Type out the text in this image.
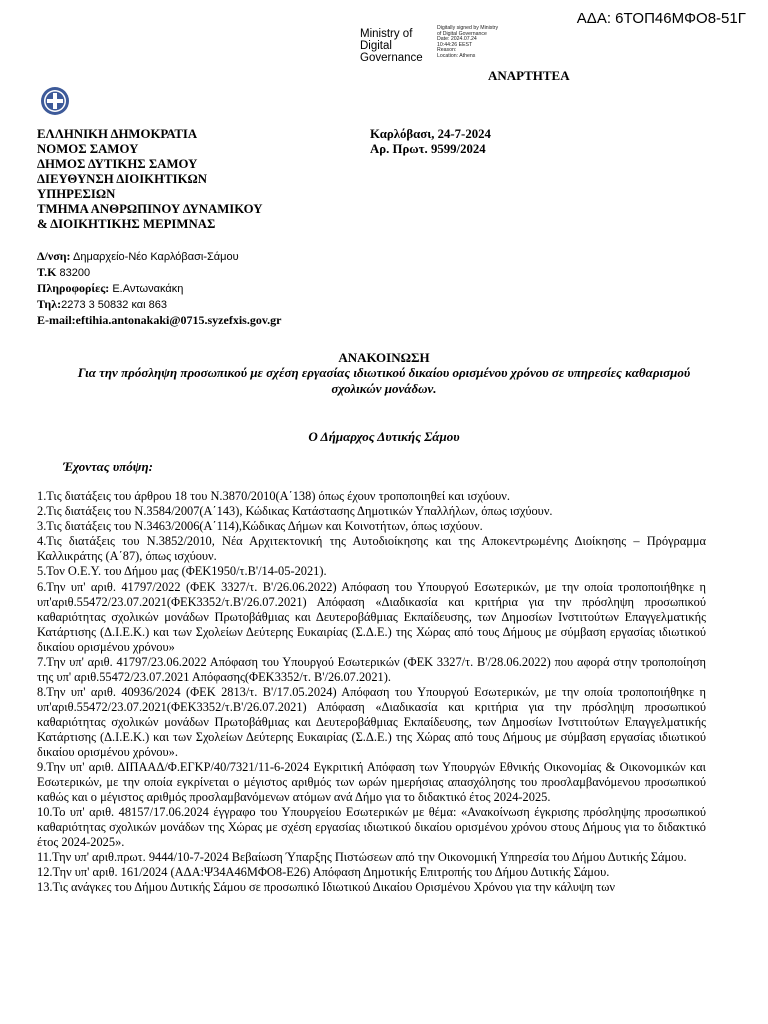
ΑΔΑ: 6ΤΟΠ46ΜΦΟ8-51Γ
Ministry of
Digital
Governance
Digitally signed by Ministry
of Digital Governance
Date: 2024.07.24
10:44:26 EEST
Reason:
Location: Athens
ΑΝΑΡΤΗΤΕΑ
ΕΛΛΗΝΙΚΗ ΔΗΜΟΚΡΑΤΙΑ
ΝΟΜΟΣ ΣΑΜΟΥ
ΔΗΜΟΣ ΔΥΤΙΚΗΣ ΣΑΜΟΥ
ΔΙΕΥΘΥΝΣΗ ΔΙΟΙΚΗΤΙΚΩΝ
ΥΠΗΡΕΣΙΩΝ
ΤΜΗΜΑ ΑΝΘΡΩΠΙΝΟΥ ΔΥΝΑΜΙΚΟΥ
& ΔΙΟΙΚΗΤΙΚΗΣ ΜΕΡΙΜΝΑΣ
Καρλόβασι, 24-7-2024
Αρ. Πρωτ. 9599/2024
Δ/νση: Δημαρχείο-Νέο Καρλόβασι-Σάμου
Τ.Κ 83200
Πληροφορίες: Ε.Αντωνακάκη
Τηλ:2273 3 50832 και 863
E-mail:eftihia.antonakaki@0715.syzefxis.gov.gr
ΑΝΑΚΟΙΝΩΣΗ
Για την πρόσληψη προσωπικού με σχέση εργασίας ιδιωτικού δικαίου ορισμένου χρόνου σε υπηρεσίες καθαρισμού σχολικών μονάδων.
Ο Δήμαρχος Δυτικής Σάμου
Έχοντας υπόψη:

1.Τις διατάξεις του άρθρου 18 του Ν.3870/2010(Α΄138) όπως έχουν τροποποιηθεί και ισχύουν.

2.Τις διατάξεις του Ν.3584/2007(Α΄143), Κώδικας Κατάστασης Δημοτικών Υπαλλήλων, όπως ισχύουν.

3.Τις διατάξεις του Ν.3463/2006(Α΄114),Κώδικας Δήμων και Κοινοτήτων, όπως ισχύουν.

4.Τις διατάξεις του Ν.3852/2010, Νέα Αρχιτεκτονική της Αυτοδιοίκησης και της Αποκεντρωμένης Διοίκησης – Πρόγραμμα Καλλικράτης (Α΄87), όπως ισχύουν.

5.Τον Ο.Ε.Υ. του Δήμου μας (ΦΕΚ1950/τ.Β'/14-05-2021).

6.Την υπ' αριθ. 41797/2022 (ΦΕΚ 3327/τ. Β'/26.06.2022) Απόφαση του Υπουργού Εσωτερικών, με την οποία τροποποιήθηκε η υπ'αριθ.55472/23.07.2021(ΦΕΚ3352/τ.Β'/26.07.2021) Απόφαση «Διαδικασία και κριτήρια για την πρόσληψη προσωπικού καθαριότητας σχολικών μονάδων Πρωτοβάθμιας και Δευτεροβάθμιας Εκπαίδευσης, των Δημοσίων Ινστιτούτων Επαγγελματικής Κατάρτισης (Δ.Ι.Ε.Κ.) και των Σχολείων Δεύτερης Ευκαιρίας (Σ.Δ.Ε.) της Χώρας από τους Δήμους με σύμβαση εργασίας ιδιωτικού δικαίου ορισμένου χρόνου»

7.Την υπ' αριθ. 41797/23.06.2022 Απόφαση του Υπουργού Εσωτερικών (ΦΕΚ 3327/τ. Β'/28.06.2022) που αφορά στην τροποποίηση της υπ' αριθ.55472/23.07.2021 Απόφασης(ΦΕΚ3352/τ. Β'/26.07.2021).

8.Την υπ' αριθ. 40936/2024 (ΦΕΚ 2813/τ. Β'/17.05.2024) Απόφαση του Υπουργού Εσωτερικών, με την οποία τροποποιήθηκε η υπ'αριθ.55472/23.07.2021(ΦΕΚ3352/τ.Β'/26.07.2021) Απόφαση «Διαδικασία και κριτήρια για την πρόσληψη προσωπικού καθαριότητας σχολικών μονάδων Πρωτοβάθμιας και Δευτεροβάθμιας Εκπαίδευσης, των Δημοσίων Ινστιτούτων Επαγγελματικής Κατάρτισης (Δ.Ι.Ε.Κ.) και των Σχολείων Δεύτερης Ευκαιρίας (Σ.Δ.Ε.) της Χώρας από τους Δήμους με σύμβαση εργασίας ιδιωτικού δικαίου ορισμένου χρόνου».

9.Την υπ' αριθ. ΔΙΠΑΑΔ/Φ.ΕΓΚΡ/40/7321/11-6-2024 Εγκριτική Απόφαση των Υπουργών Εθνικής Οικονομίας & Οικονομικών και Εσωτερικών, με την οποία εγκρίνεται ο μέγιστος αριθμός των ωρών ημερήσιας απασχόλησης του προσλαμβανόμενου προσωπικού καθώς και ο μέγιστος αριθμός προσλαμβανόμενων ατόμων ανά Δήμο για το διδακτικό έτος 2024-2025.

10.Το υπ' αριθ. 48157/17.06.2024 έγγραφο του Υπουργείου Εσωτερικών με θέμα: «Ανακοίνωση έγκρισης πρόσληψης προσωπικού καθαριότητας σχολικών μονάδων της Χώρας με σχέση εργασίας ιδιωτικού δικαίου ορισμένου χρόνου στους Δήμους για το διδακτικό έτος 2024-2025».

11.Την υπ' αριθ.πρωτ. 9444/10-7-2024 Βεβαίωση Ύπαρξης Πιστώσεων από την Οικονομική Υπηρεσία του Δήμου Δυτικής Σάμου.

12.Την υπ' αριθ. 161/2024 (ΑΔΑ:Ψ34Α46ΜΦΟ8-Ε26) Απόφαση Δημοτικής Επιτροπής του Δήμου Δυτικής Σάμου.

13.Τις ανάγκες του Δήμου Δυτικής Σάμου σε προσωπικό Ιδιωτικού Δικαίου Ορισμένου Χρόνου για την κάλυψη των
